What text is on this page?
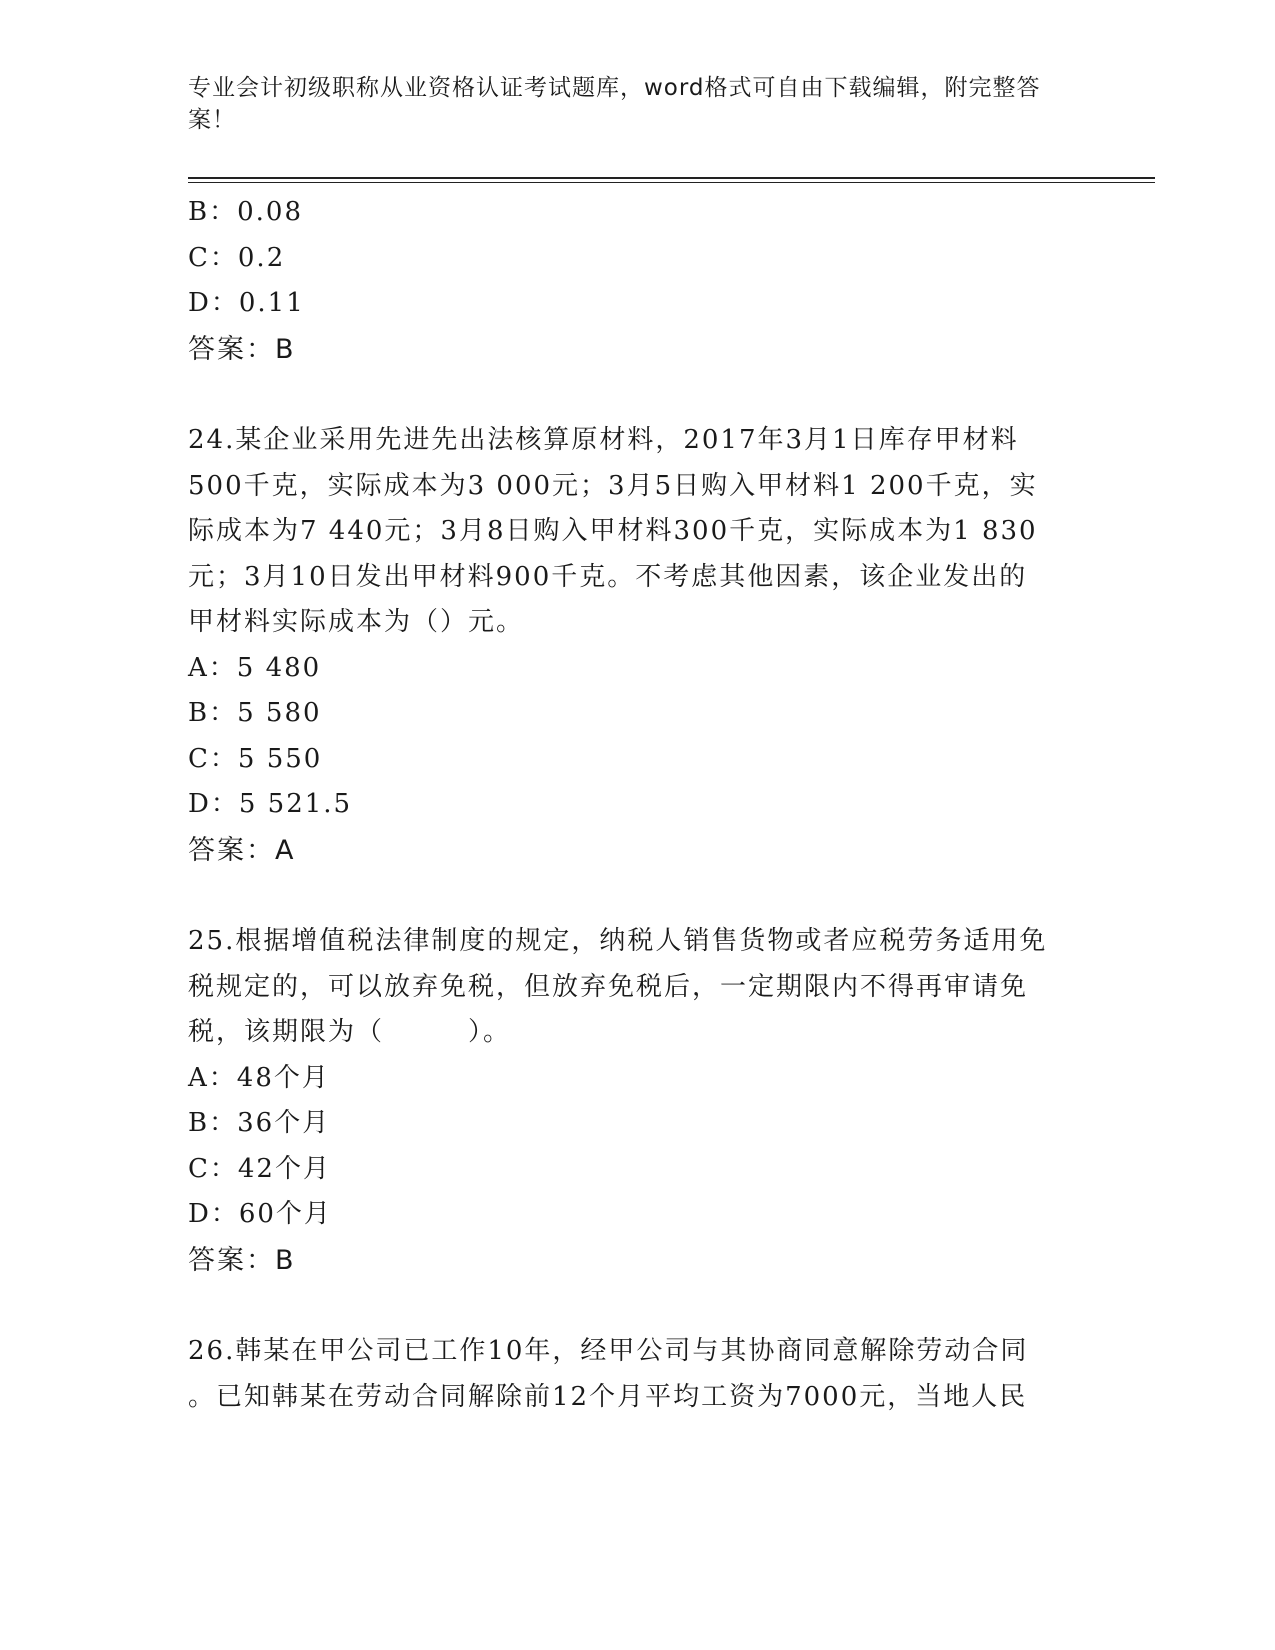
专业会计初级职称从业资格认证考试题库，word格式可自由下载编辑，附完整答
案！
B：0.08
C：0.2
D：0.11
答案：B
24.某企业采用先进先出法核算原材料，2017年3月1日库存甲材料
500千克，实际成本为3 000元；3月5日购入甲材料1 200千克，实
际成本为7 440元；3月8日购入甲材料300千克，实际成本为1 830
元；3月10日发出甲材料900千克。不考虑其他因素，该企业发出的
甲材料实际成本为（）元。
A：5 480
B：5 580
C：5 550
D：5 521.5
答案：A
25.根据增值税法律制度的规定，纳税人销售货物或者应税劳务适用免
税规定的，可以放弃免税，但放弃免税后，一定期限内不得再审请免
税，该期限为（　　　）。
A：48个月
B：36个月
C：42个月
D：60个月
答案：B
26.韩某在甲公司已工作10年，经甲公司与其协商同意解除劳动合同
。已知韩某在劳动合同解除前12个月平均工资为7000元，当地人民
